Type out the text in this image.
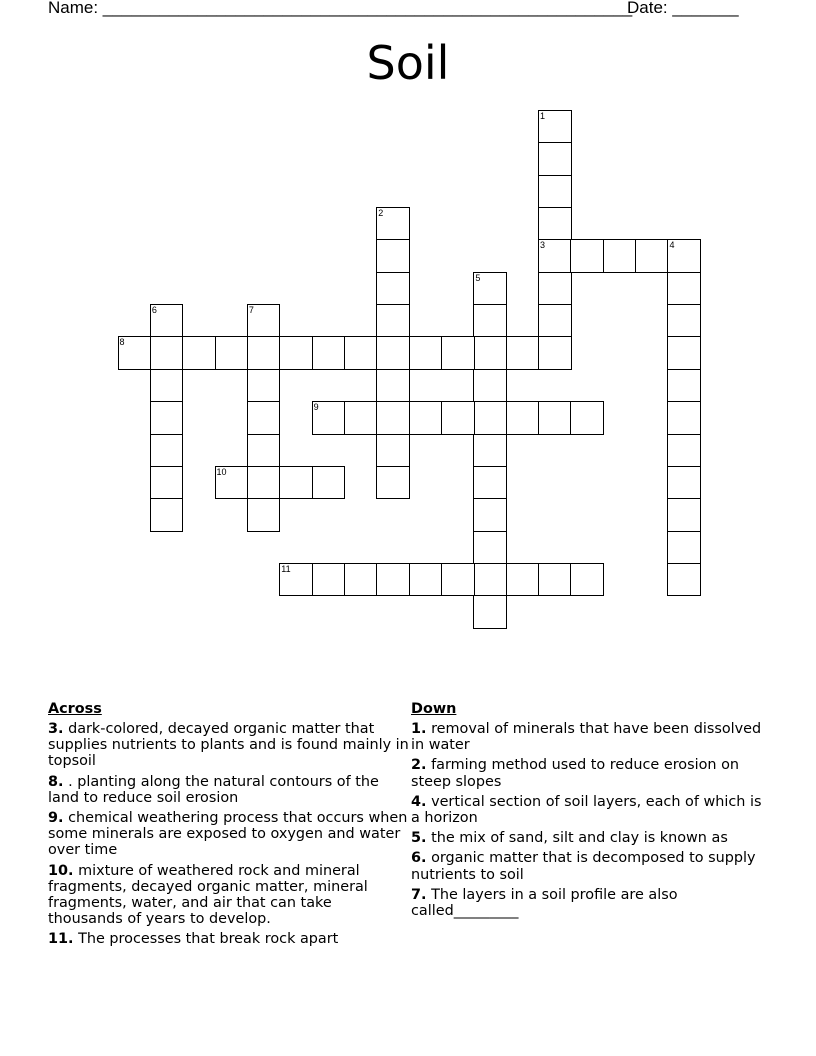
Name: ________________________________________________________
Date: _______
Soil
1
3
2
4
5
6	7
8
9
10
11
Across
3. dark-colored, decayed organic matter that supplies nutrients to plants and is found mainly in topsoil
8. . planting along the natural contours of the land to reduce soil erosion
9. chemical weathering process that occurs when some minerals are exposed to oxygen and water over time
10. mixture of weathered rock and mineral fragments, decayed organic matter, mineral fragments, water, and air that can take thousands of years to develop.
11. The processes that break rock apart
Down
1. removal of minerals that have been dissolved in water
2. farming method used to reduce erosion on steep slopes
4. vertical section of soil layers, each of which is a horizon
5. the mix of sand, silt and clay is known as
6. organic matter that is decomposed to supply nutrients to soil
7. The layers in a soil profile are also called_________
